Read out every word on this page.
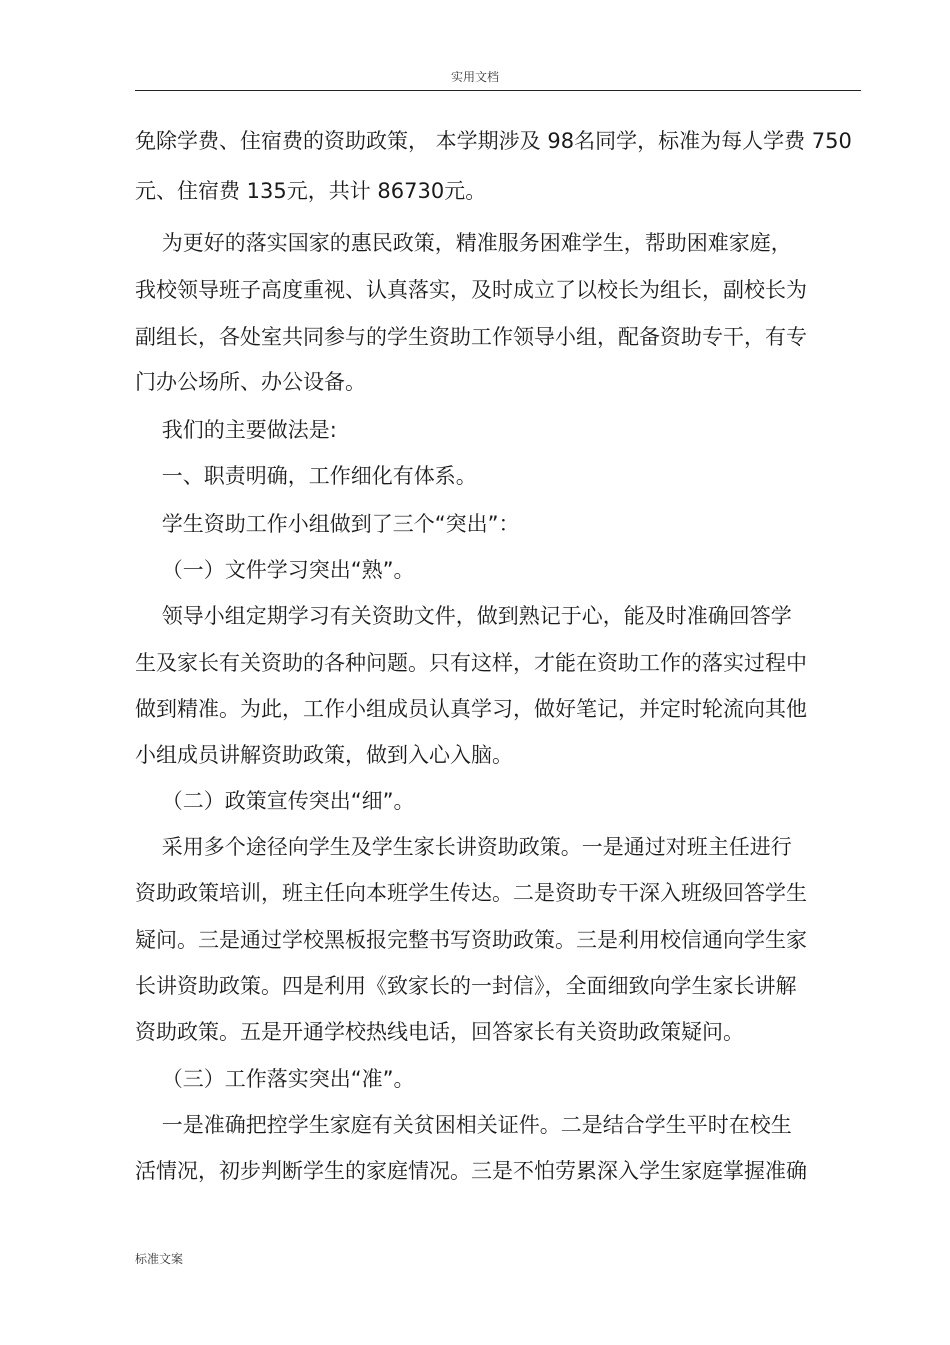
实用文档
免除学费、住宿费的资助政策， 本学期涉及 98名同学，标准为每人学费 750
元、住宿费 135元，共计 86730元。
为更好的落实国家的惠民政策，精准服务困难学生，帮助困难家庭，
我校领导班子高度重视、认真落实，及时成立了以校长为组长，副校长为
副组长，各处室共同参与的学生资助工作领导小组，配备资助专干，有专
门办公场所、办公设备。
我们的主要做法是:
一、职责明确，工作细化有体系。
学生资助工作小组做到了三个“突出”：
（一）文件学习突出“熟”。
领导小组定期学习有关资助文件，做到熟记于心，能及时准确回答学
生及家长有关资助的各种问题。只有这样，才能在资助工作的落实过程中
做到精准。为此，工作小组成员认真学习，做好笔记，并定时轮流向其他
小组成员讲解资助政策，做到入心入脑。
（二）政策宣传突出“细”。
采用多个途径向学生及学生家长讲资助政策。一是通过对班主任进行
资助政策培训，班主任向本班学生传达。二是资助专干深入班级回答学生
疑问。三是通过学校黑板报完整书写资助政策。三是利用校信通向学生家
长讲资助政策。四是利用《致家长的一封信》，全面细致向学生家长讲解
资助政策。五是开通学校热线电话，回答家长有关资助政策疑问。
（三）工作落实突出“准”。
一是准确把控学生家庭有关贫困相关证件。二是结合学生平时在校生
活情况，初步判断学生的家庭情况。三是不怕劳累深入学生家庭掌握准确
标准文案
